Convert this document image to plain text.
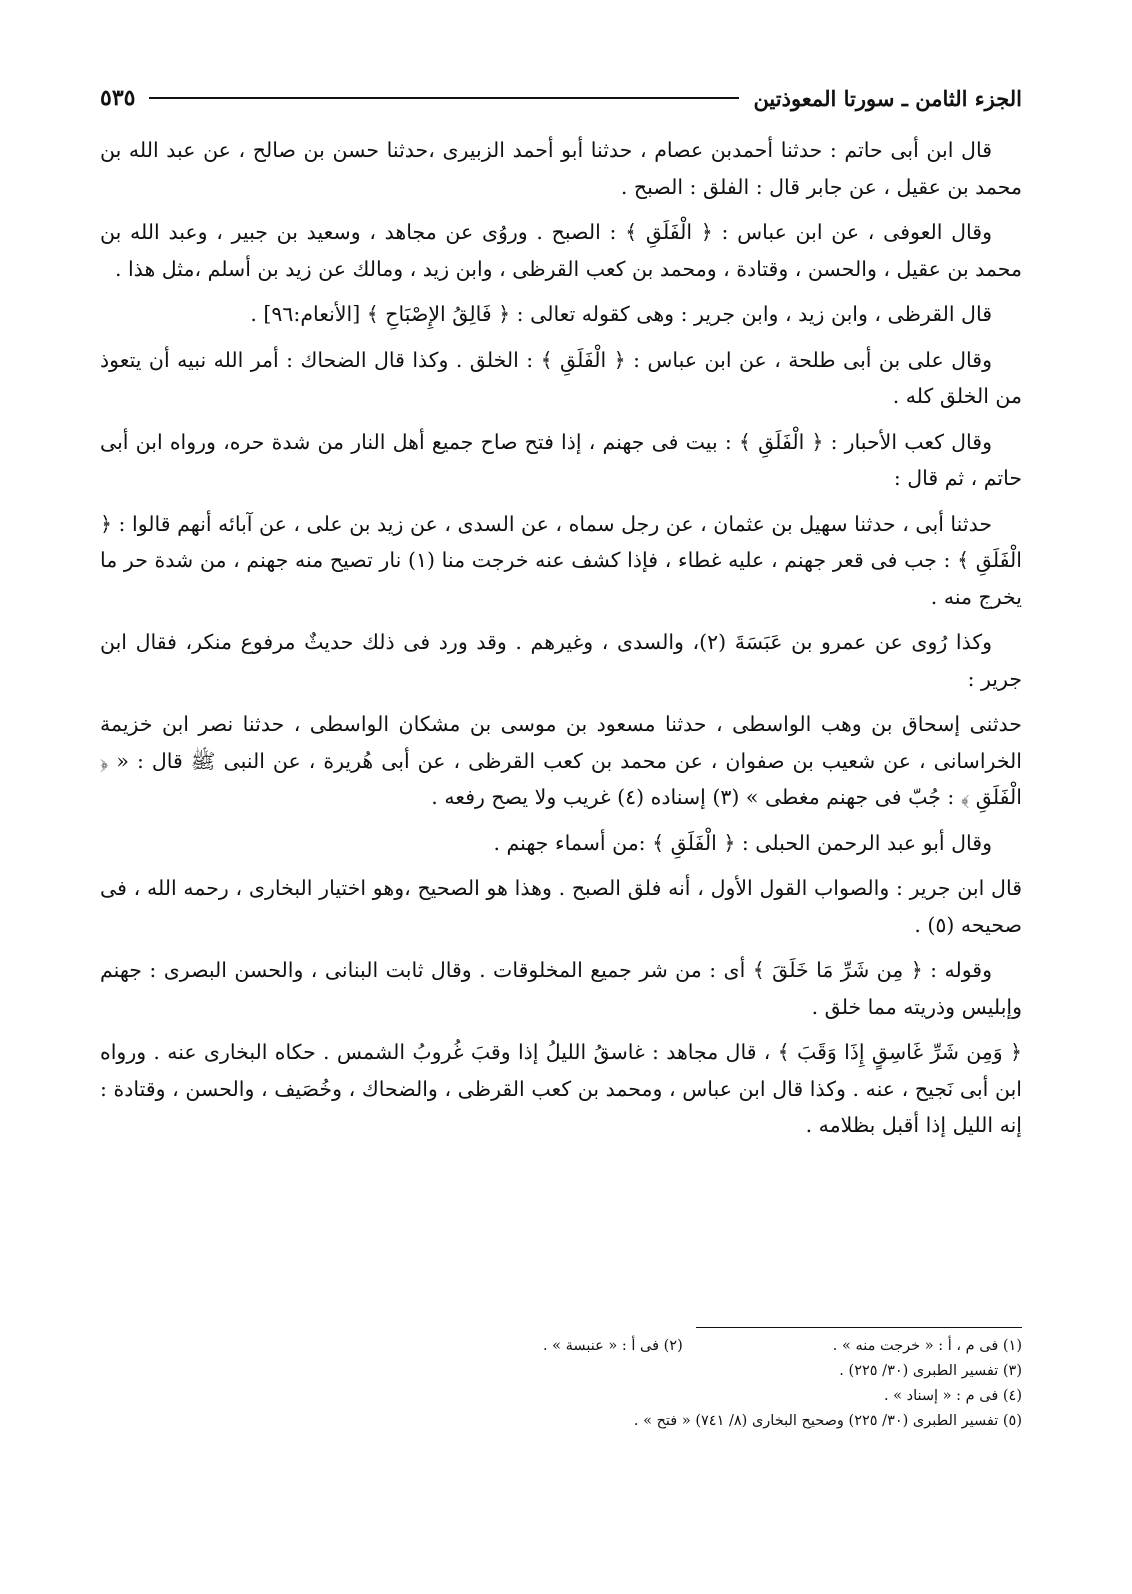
الجزء الثامن ـ سورتا المعوذتين
٥٣٥

قال ابن أبى حاتم : حدثنا أحمدبن عصام ، حدثنا أبو أحمد الزبيرى ،حدثنا حسن بن صالح ، عن عبد الله بن محمد بن عقيل ، عن جابر قال : الفلق : الصبح .

وقال العوفى ، عن ابن عباس : ﴿ الْفَلَقِ ﴾ : الصبح . وروُى عن مجاهد ، وسعيد بن جبير ، وعبد الله بن محمد بن عقيل ، والحسن ، وقتادة ، ومحمد بن كعب القرظى ، وابن زيد ، ومالك عن زيد بن أسلم ،مثل هذا .

قال القرظى ، وابن زيد ، وابن جرير : وهى كقوله تعالى : ﴿ فَالِقُ الإِصْبَاحِ ﴾ [الأنعام:٩٦] .

وقال على بن أبى طلحة ، عن ابن عباس : ﴿ الْفَلَقِ ﴾ : الخلق . وكذا قال الضحاك : أمر الله نبيه أن يتعوذ من الخلق كله .

وقال كعب الأحبار : ﴿ الْفَلَقِ ﴾ : بيت فى جهنم ، إذا فتح صاح جميع أهل النار من شدة حره، ورواه ابن أبى حاتم ، ثم قال :

حدثنا أبى ، حدثنا سهيل بن عثمان ، عن رجل سماه ، عن السدى ، عن زيد بن على ، عن آبائه أنهم قالوا : ﴿ الْفَلَقِ ﴾ : جب فى قعر جهنم ، عليه غطاء ، فإذا كشف عنه خرجت منا (١) نار تصيح منه جهنم ، من شدة حر ما يخرج منه .

وكذا رُوى عن عمرو بن عَبَسَةَ (٢)، والسدى ، وغيرهم . وقد ورد فى ذلك حديثٌ مرفوع منكر، فقال ابن جرير :

حدثنى إسحاق بن وهب الواسطى ، حدثنا مسعود بن موسى بن مشكان الواسطى ، حدثنا نصر ابن خزيمة الخراسانى ، عن شعيب بن صفوان ، عن محمد بن كعب القرظى ، عن أبى هُريرة ، عن النبى ﷺ قال : « ﴿ الْفَلَقِ ﴾ : جُبّ فى جهنم مغطى » (٣) إسناده (٤) غريب ولا يصح رفعه .

وقال أبو عبد الرحمن الحبلى : ﴿ الْفَلَقِ ﴾ :من أسماء جهنم .

قال ابن جرير : والصواب القول الأول ، أنه فلق الصبح . وهذا هو الصحيح ،وهو اختيار البخارى ، رحمه الله ، فى صحيحه (٥) .

وقوله : ﴿ مِن شَرِّ مَا خَلَقَ ﴾ أى : من شر جميع المخلوقات . وقال ثابت البنانى ، والحسن البصرى : جهنم وإبليس وذريته مما خلق .

﴿ وَمِن شَرِّ غَاسِقٍ إِذَا وَقَبَ ﴾ ، قال مجاهد : غاسقُ الليلُ إذا وقبَ غُروبُ الشمس . حكاه البخارى عنه . ورواه ابن أبى نَجيح ، عنه . وكذا قال ابن عباس ، ومحمد بن كعب القرظى ، والضحاك ، وخُصَيف ، والحسن ، وقتادة : إنه الليل إذا أقبل بظلامه .

(١) فى م ، أ : « خرجت منه » .
(٢) فى أ : « عنبسة » .
(٣) تفسير الطبرى (٣٠/ ٢٢٥) .
(٤) فى م : « إسناد » .
(٥) تفسير الطبرى (٣٠/ ٢٢٥) وصحيح البخارى (٨/ ٧٤١) « فتح » .
